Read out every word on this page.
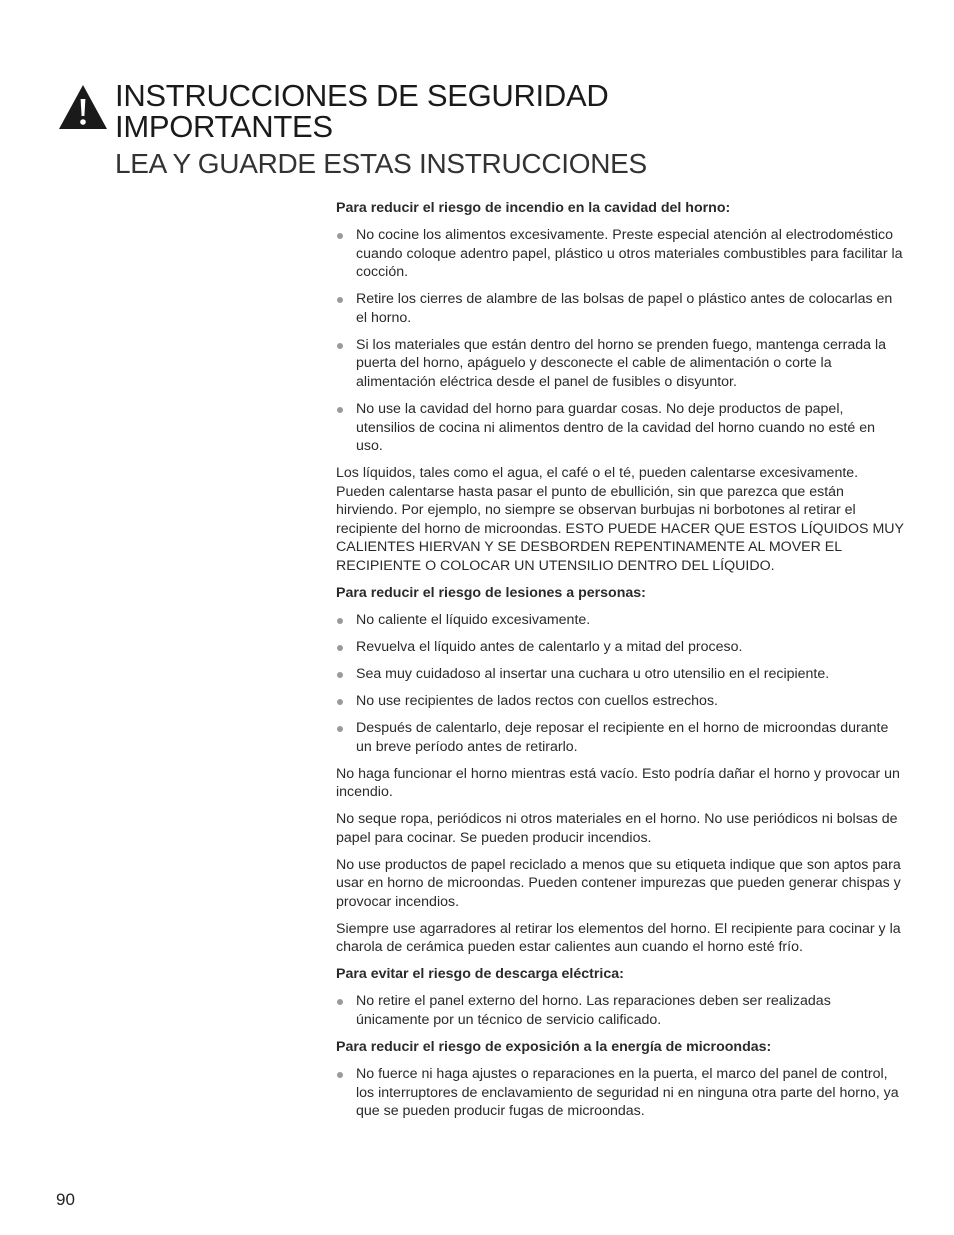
INSTRUCCIONES DE SEGURIDAD
IMPORTANTES
LEA Y GUARDE ESTAS INSTRUCCIONES

Para reducir el riesgo de incendio en la cavidad del horno:

No cocine los alimentos excesivamente. Preste especial atención al electrodoméstico cuando coloque adentro papel, plástico u otros materiales combustibles para facilitar la cocción.
Retire los cierres de alambre de las bolsas de papel o plástico antes de colocarlas en el horno.
Si los materiales que están dentro del horno se prenden fuego, mantenga cerrada la puerta del horno, apáguelo y desconecte el cable de alimentación o corte la alimentación eléctrica desde el panel de fusibles o disyuntor.
No use la cavidad del horno para guardar cosas. No deje productos de papel, utensilios de cocina ni alimentos dentro de la cavidad del horno cuando no esté en uso.

Los líquidos, tales como el agua, el café o el té, pueden calentarse excesivamente. Pueden calentarse hasta pasar el punto de ebullición, sin que parezca que están hirviendo. Por ejemplo, no siempre se observan burbujas ni borbotones al retirar el recipiente del horno de microondas. ESTO PUEDE HACER QUE ESTOS LÍQUIDOS MUY CALIENTES HIERVAN Y SE DESBORDEN REPENTINAMENTE AL MOVER EL RECIPIENTE O COLOCAR UN UTENSILIO DENTRO DEL LÍQUIDO.

Para reducir el riesgo de lesiones a personas:

No caliente el líquido excesivamente.
Revuelva el líquido antes de calentarlo y a mitad del proceso.
Sea muy cuidadoso al insertar una cuchara u otro utensilio en el recipiente.
No use recipientes de lados rectos con cuellos estrechos.
Después de calentarlo, deje reposar el recipiente en el horno de microondas durante un breve período antes de retirarlo.

No haga funcionar el horno mientras está vacío. Esto podría dañar el horno y provocar un incendio.

No seque ropa, periódicos ni otros materiales en el horno. No use periódicos ni bolsas de papel para cocinar. Se pueden producir incendios.

No use productos de papel reciclado a menos que su etiqueta indique que son aptos para usar en horno de microondas. Pueden contener impurezas que pueden generar chispas y provocar incendios.

Siempre use agarradores al retirar los elementos del horno. El recipiente para cocinar y la charola de cerámica pueden estar calientes aun cuando el horno esté frío.

Para evitar el riesgo de descarga eléctrica:

No retire el panel externo del horno. Las reparaciones deben ser realizadas únicamente por un técnico de servicio calificado.

Para reducir el riesgo de exposición a la energía de microondas:

No fuerce ni haga ajustes o reparaciones en la puerta, el marco del panel de control, los interruptores de enclavamiento de seguridad ni en ninguna otra parte del horno, ya que se pueden producir fugas de microondas.
90
